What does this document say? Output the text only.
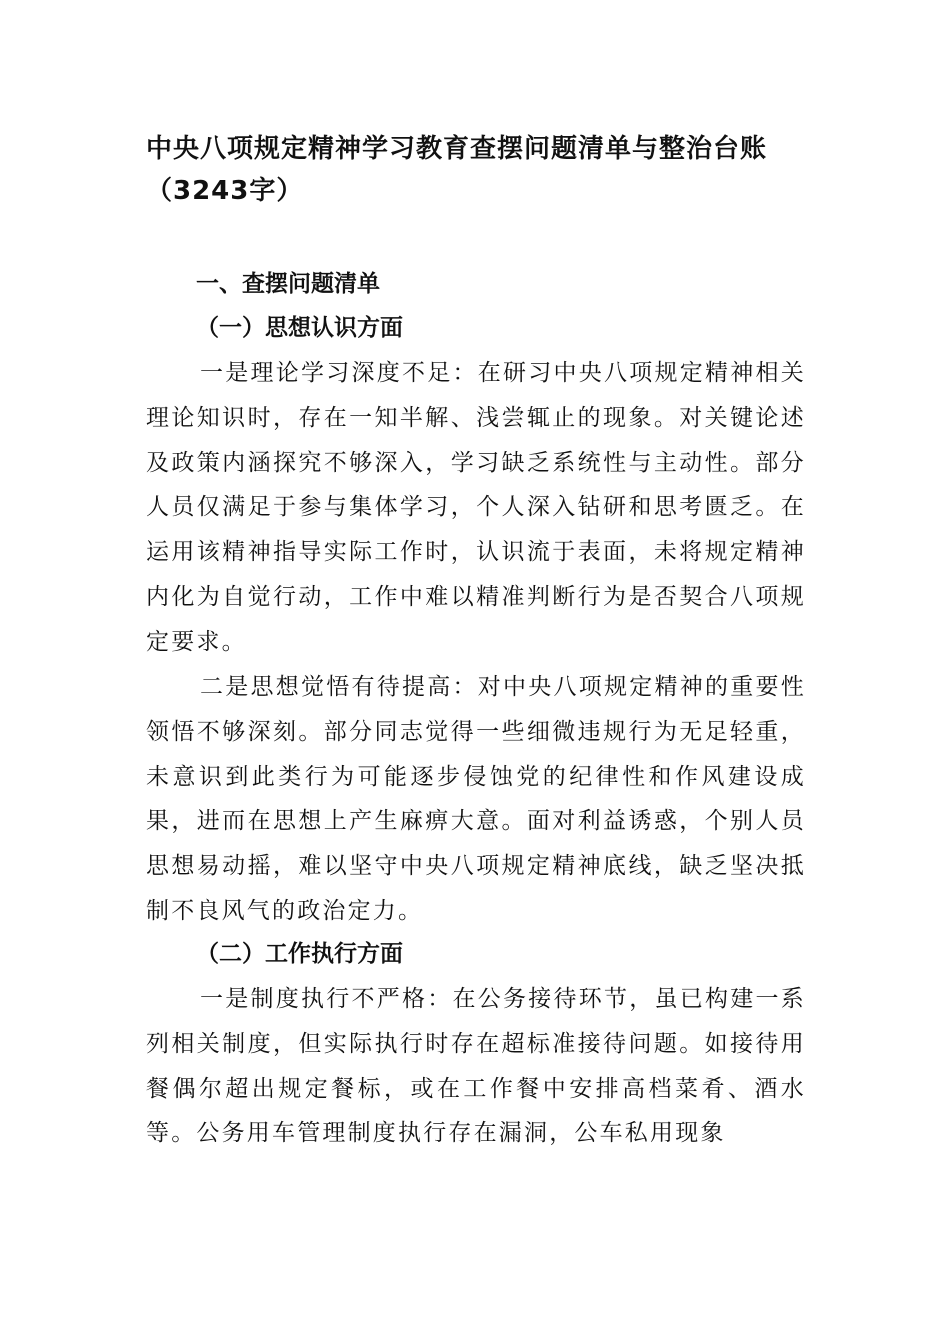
中央八项规定精神学习教育查摆问题清单与整治台账（3243字）
一、查摆问题清单
（一）思想认识方面

一是理论学习深度不足：在研习中央八项规定精神相关理论知识时，存在一知半解、浅尝辄止的现象。对关键论述及政策内涵探究不够深入，学习缺乏系统性与主动性。部分人员仅满足于参与集体学习，个人深入钻研和思考匮乏。在运用该精神指导实际工作时，认识流于表面，未将规定精神内化为自觉行动，工作中难以精准判断行为是否契合八项规定要求。

二是思想觉悟有待提高：对中央八项规定精神的重要性领悟不够深刻。部分同志觉得一些细微违规行为无足轻重，未意识到此类行为可能逐步侵蚀党的纪律性和作风建设成果，进而在思想上产生麻痹大意。面对利益诱惑，个别人员思想易动摇，难以坚守中央八项规定精神底线，缺乏坚决抵制不良风气的政治定力。

（二）工作执行方面

一是制度执行不严格：在公务接待环节，虽已构建一系列相关制度，但实际执行时存在超标准接待问题。如接待用餐偶尔超出规定餐标，或在工作餐中安排高档菜肴、酒水等。公务用车管理制度执行存在漏洞，公车私用现象
